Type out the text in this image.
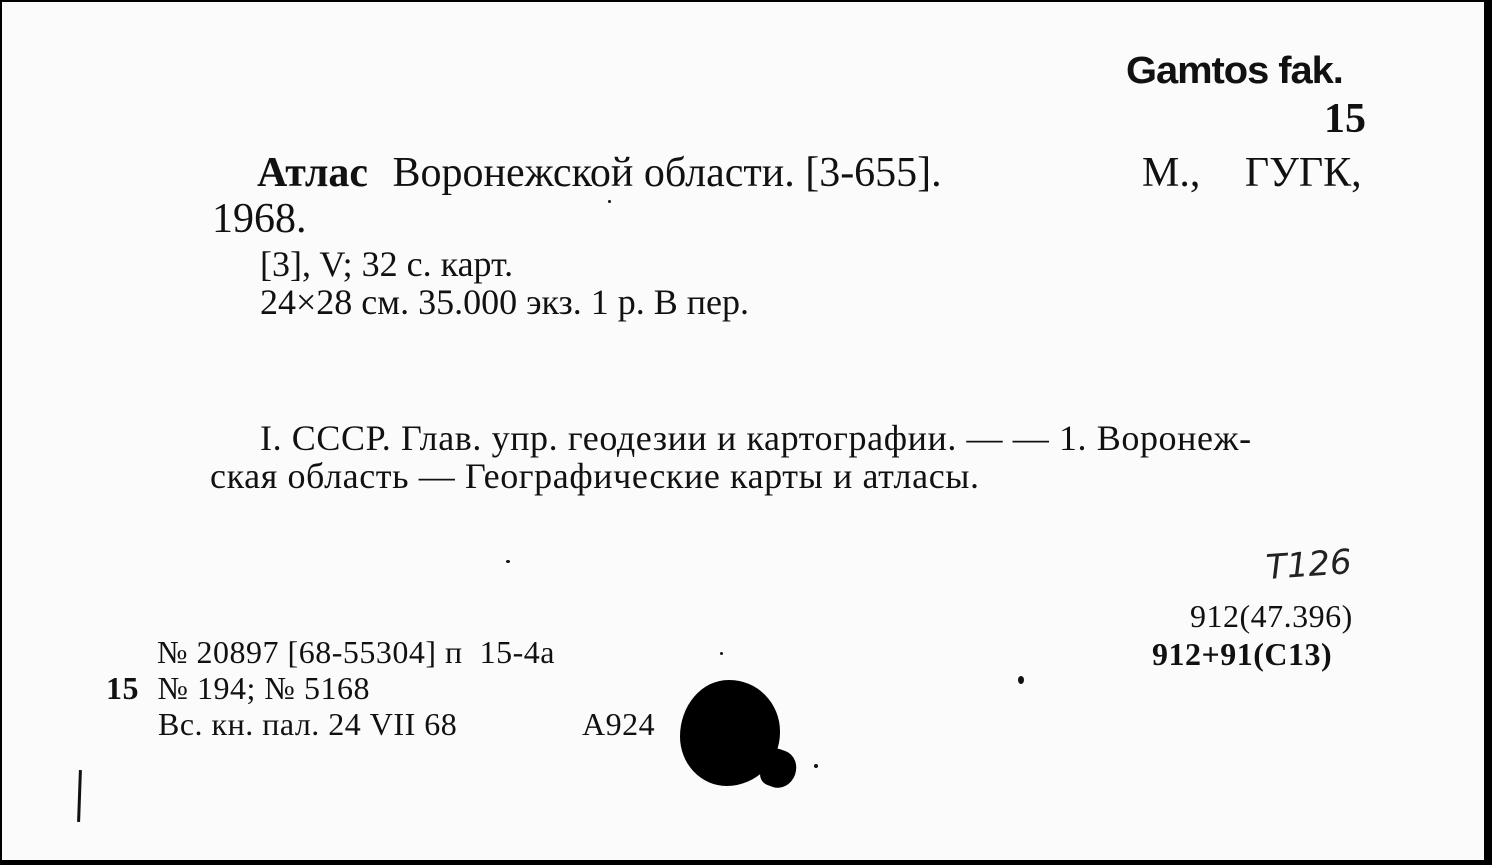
Gamtos fak.
15
Атлас Воронежской области. [3-655].	М., ГУГК,
1968.
[3], V; 32 с. карт.
24×28 см. 35.000 экз. 1 р. В пер.
I. СССР. Глав. упр. геодезии и картографии. — — 1. Воронеж-
ская область — Географические карты и атласы.
Т126
912(47.396)
912+91(С13)
№ 20897 [68-55304] п  15-4а
15 № 194; № 5168
Вс. кн. пал. 24 VII 68	А924
